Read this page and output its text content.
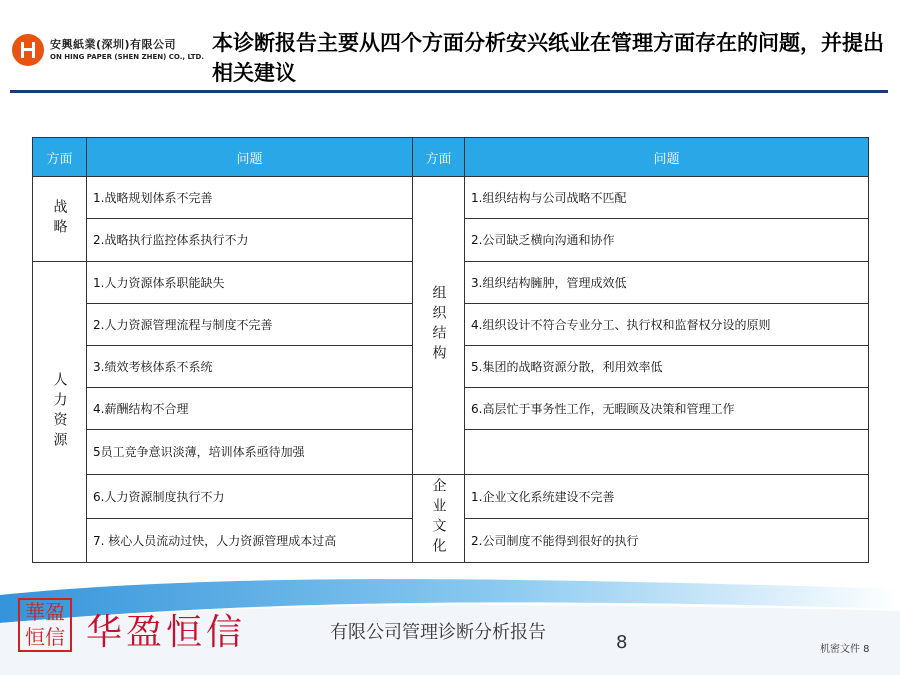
安興紙業(深圳)有限公司
ON HING PAPER (SHEN ZHEN) CO., LTD.
本诊断报告主要从四个方面分析安兴纸业在管理方面存在的问题，并提出相关建议
方面	问题	方面	问题
战略	1.战略规划体系不完善	组织结构	1.组织结构与公司战略不匹配
	2.战略执行监控体系执行不力		2.公司缺乏横向沟通和协作
人力资源	1.人力资源体系职能缺失		3.组织结构臃肿，管理成效低
	2.人力资源管理流程与制度不完善		4.组织设计不符合专业分工、执行权和监督权分设的原则
	3.绩效考核体系不系统		5.集团的战略资源分散，利用效率低
	4.薪酬结构不合理		6.高层忙于事务性工作，无暇顾及决策和管理工作
	5员工竞争意识淡薄，培训体系亟待加强		
	6.人力资源制度执行不力	企业文化	1.企业文化系统建设不完善
	7. 核心人员流动过快，人力资源管理成本过高		2.公司制度不能得到很好的执行
華盈恒信 华盈恒信	有限公司管理诊断分析报告	8	机密文件 8
